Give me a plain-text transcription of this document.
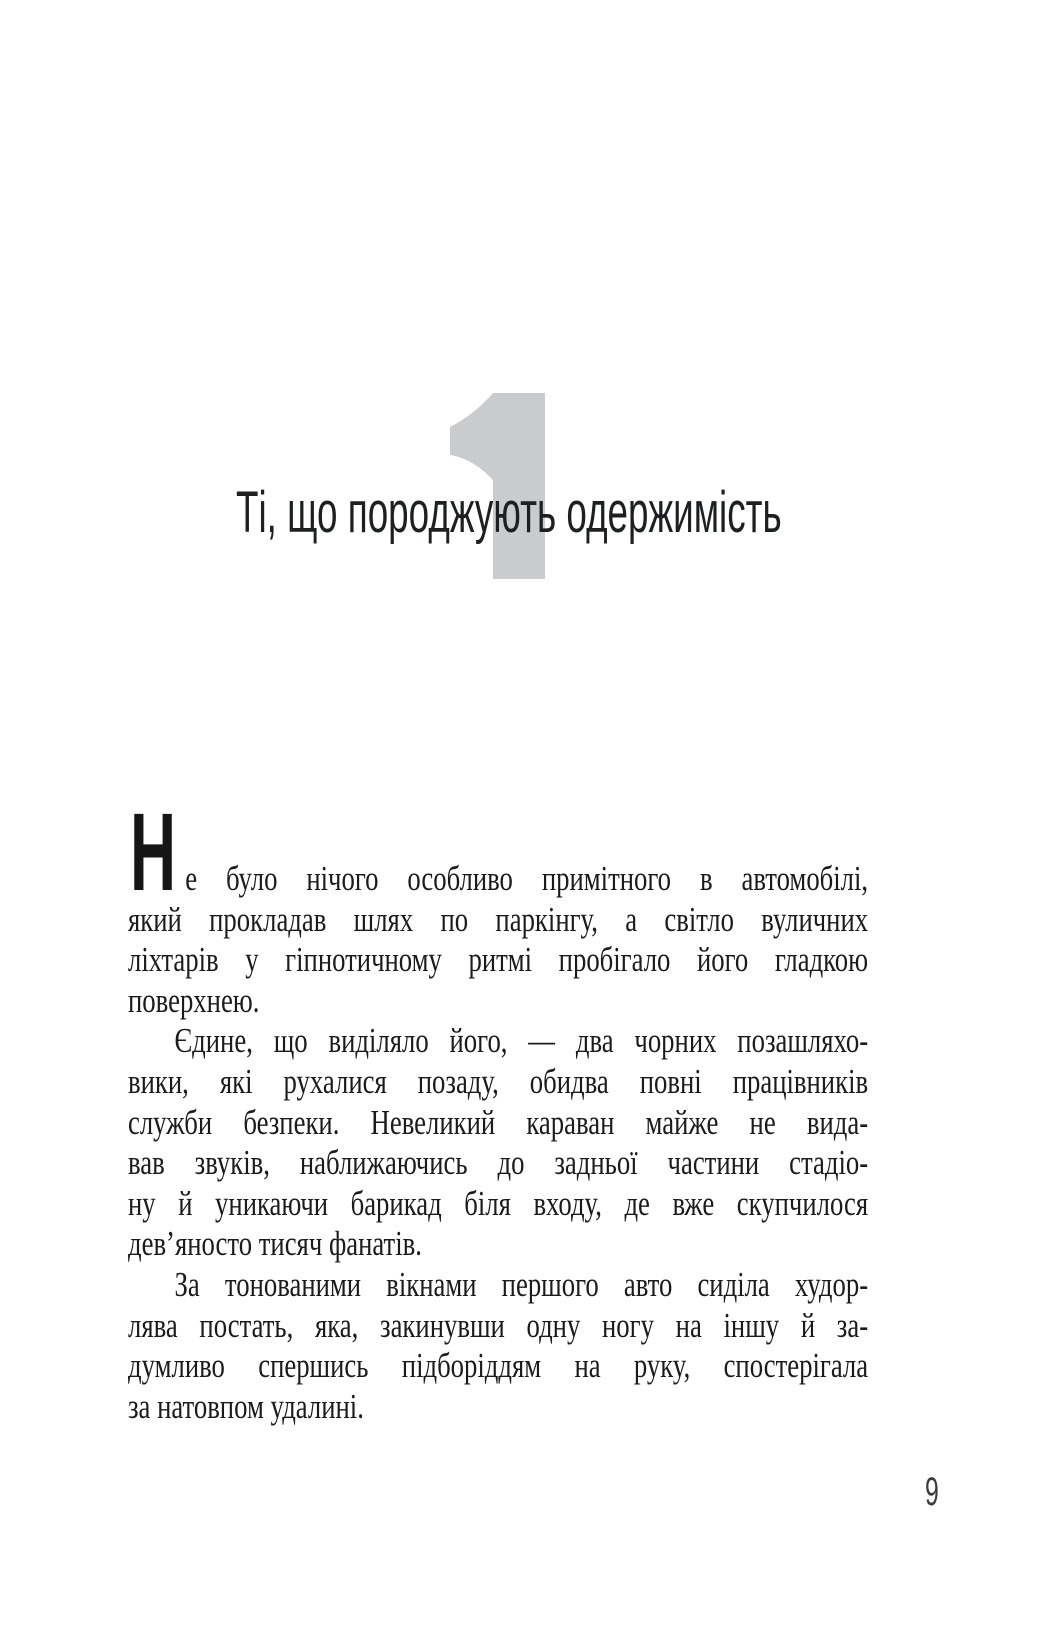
Ті, що породжують одержимість
Н е було нічого особливо примітного в автомобілі,
який прокладав шлях по паркінгу, а світло вуличних
ліхтарів у гіпнотичному ритмі пробігало його гладкою
поверхнею.
Єдине, що виділяло його, — два чорних позашляхо-
вики, які рухалися позаду, обидва повні працівників
служби безпеки. Невеликий караван майже не вида-
вав звуків, наближаючись до задньої частини стадіо-
ну й уникаючи барикад біля входу, де вже скупчилося
дев’яносто тисяч фанатів.
За тонованими вікнами першого авто сиділа худор-
лява постать, яка, закинувши одну ногу на іншу й за-
думливо спершись підборіддям на руку, спостерігала
за натовпом удалині.
9
